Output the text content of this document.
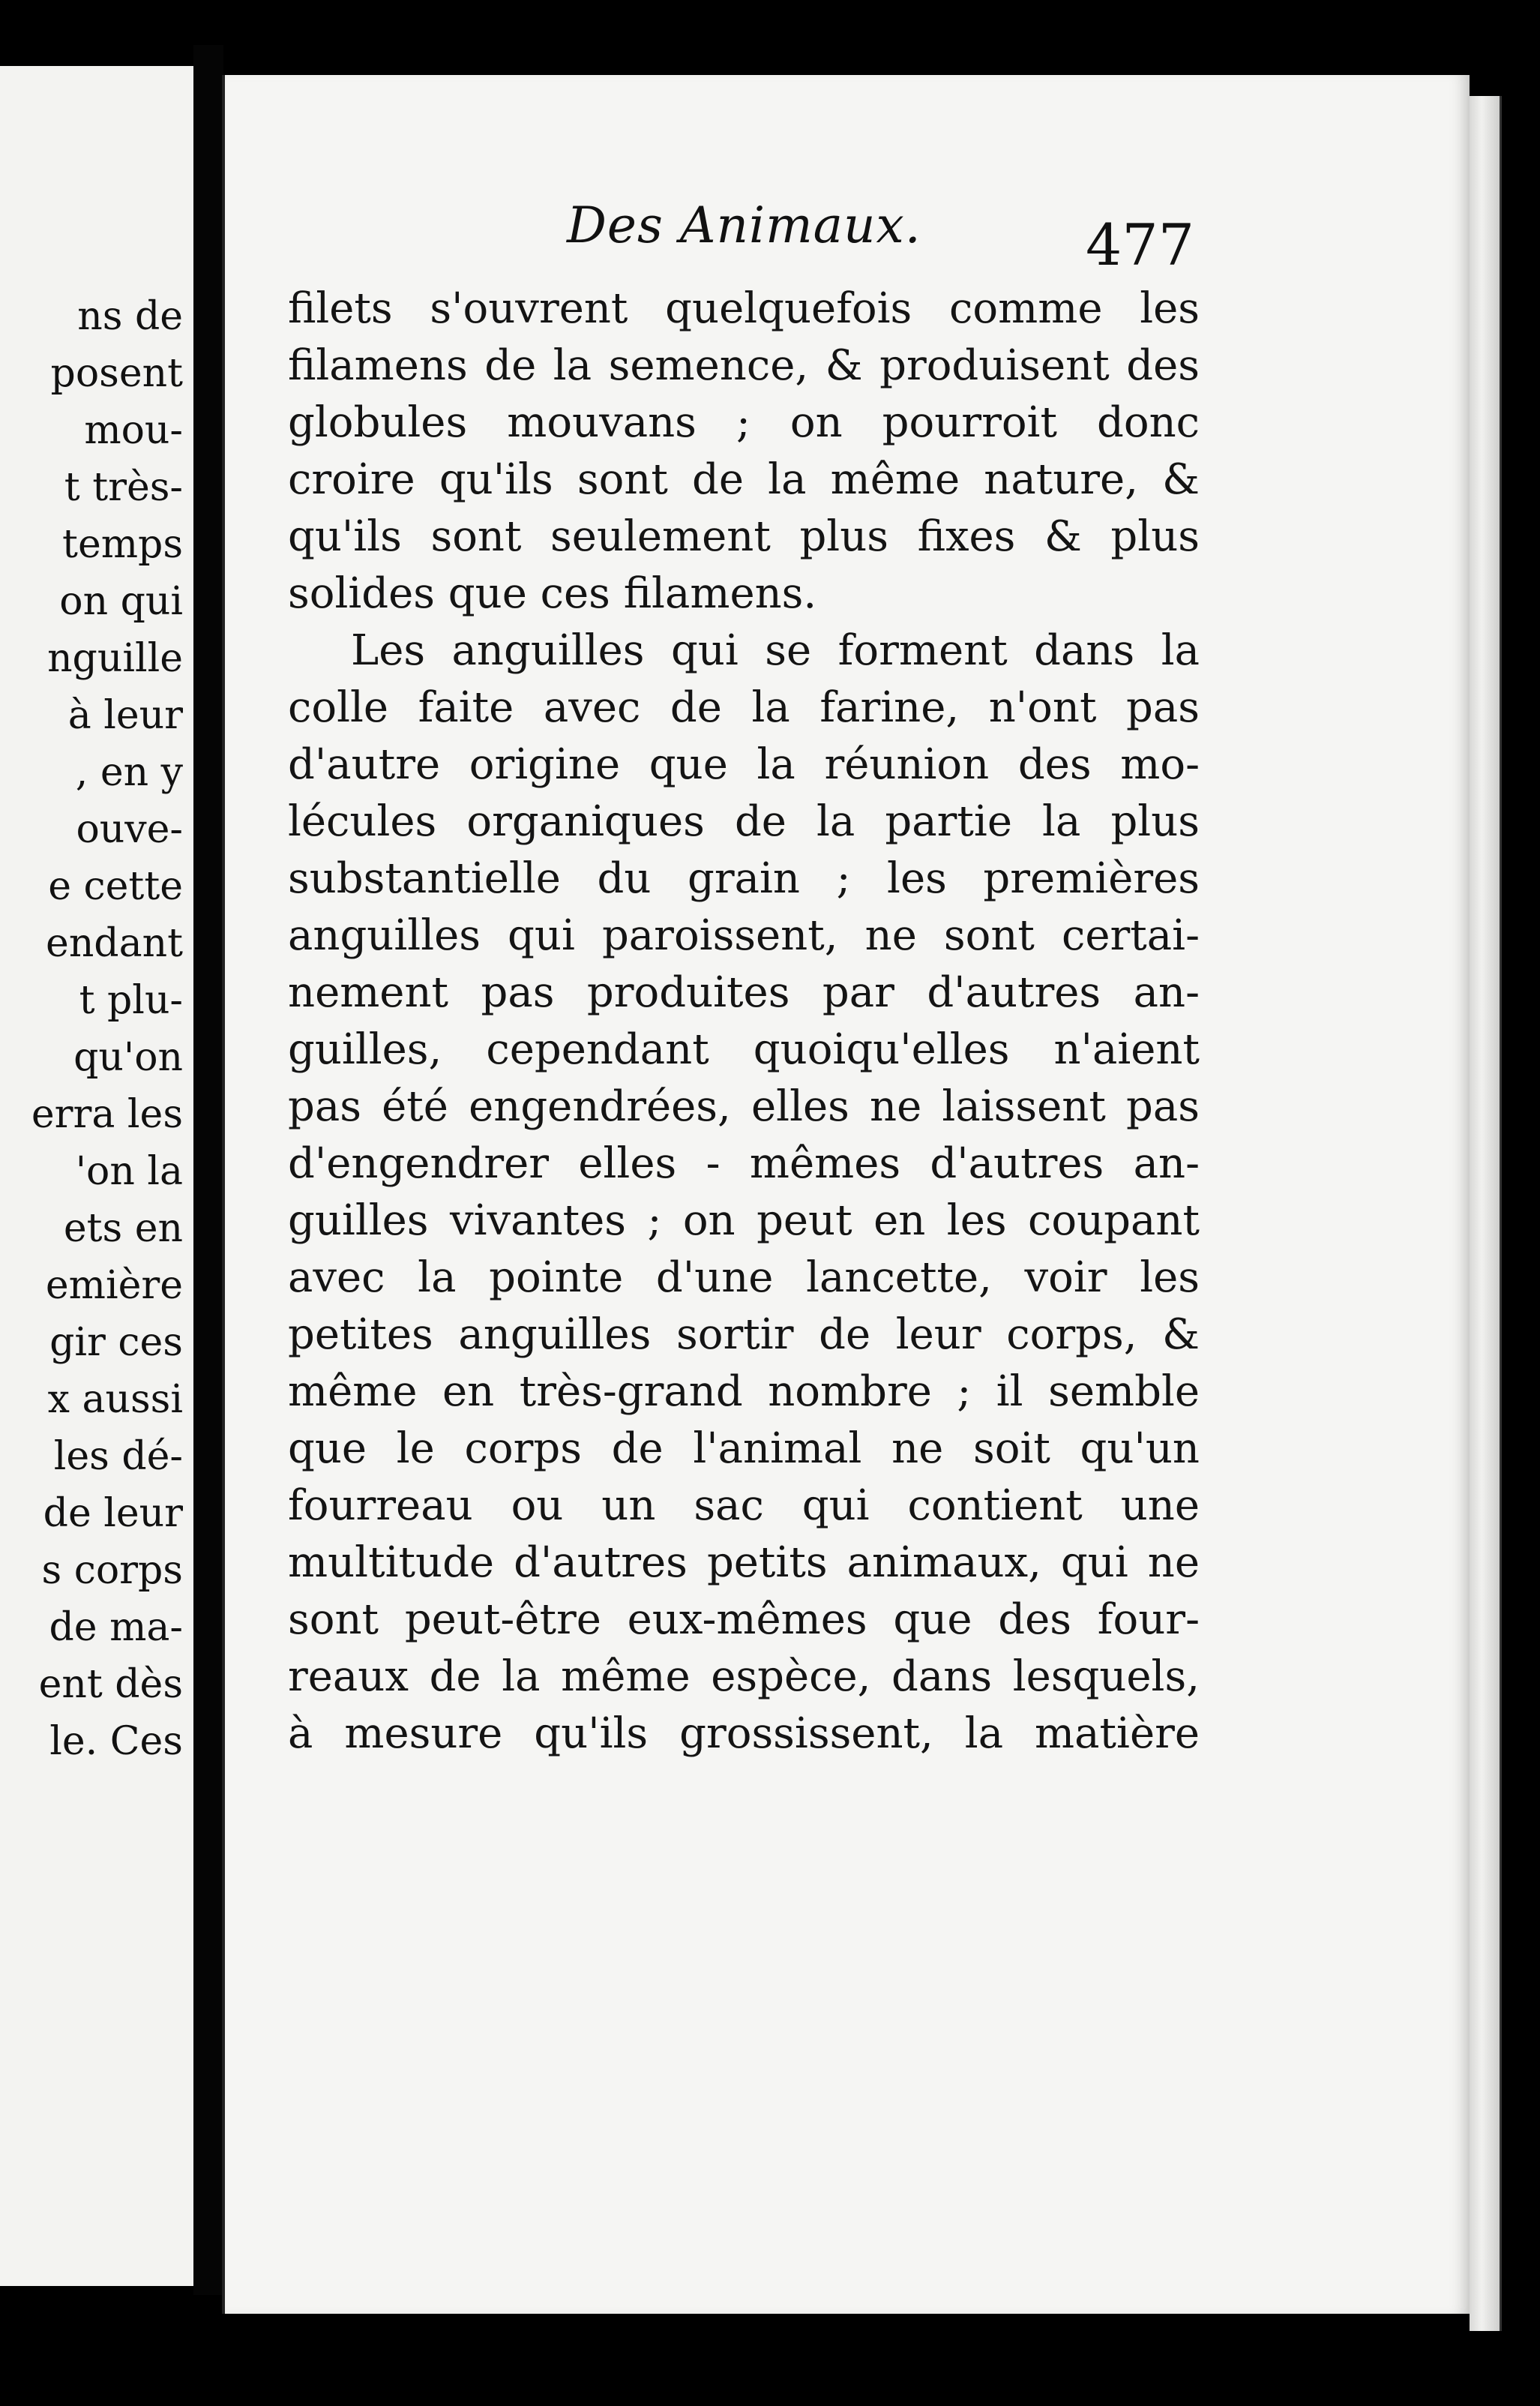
ns de
posent
mou-
t très-
temps
on qui
nguille
à leur
, en y
ouve-
e cette
endant
t plu-
qu'on
erra les
'on la
ets en
emière
gir ces
x aussi
les dé-
de leur
s corps
de ma-
ent dès
le. Ces
Des Animaux.	477
filets s'ouvrent quelquefois comme les
filamens de la semence, & produisent des
globules mouvans ; on pourroit donc
croire qu'ils sont de la même nature, &
qu'ils sont seulement plus fixes & plus
solides que ces filamens.
Les anguilles qui se forment dans la
colle faite avec de la farine, n'ont pas
d'autre origine que la réunion des mo-
lécules organiques de la partie la plus
substantielle du grain ; les premières
anguilles qui paroissent, ne sont certai-
nement pas produites par d'autres an-
guilles, cependant quoiqu'elles n'aient
pas été engendrées, elles ne laissent pas
d'engendrer elles - mêmes d'autres an-
guilles vivantes ; on peut en les coupant
avec la pointe d'une lancette, voir les
petites anguilles sortir de leur corps, &
même en très-grand nombre ; il semble
que le corps de l'animal ne soit qu'un
fourreau ou un sac qui contient une
multitude d'autres petits animaux, qui ne
sont peut-être eux-mêmes que des four-
reaux de la même espèce, dans lesquels,
à mesure qu'ils grossissent, la matière
